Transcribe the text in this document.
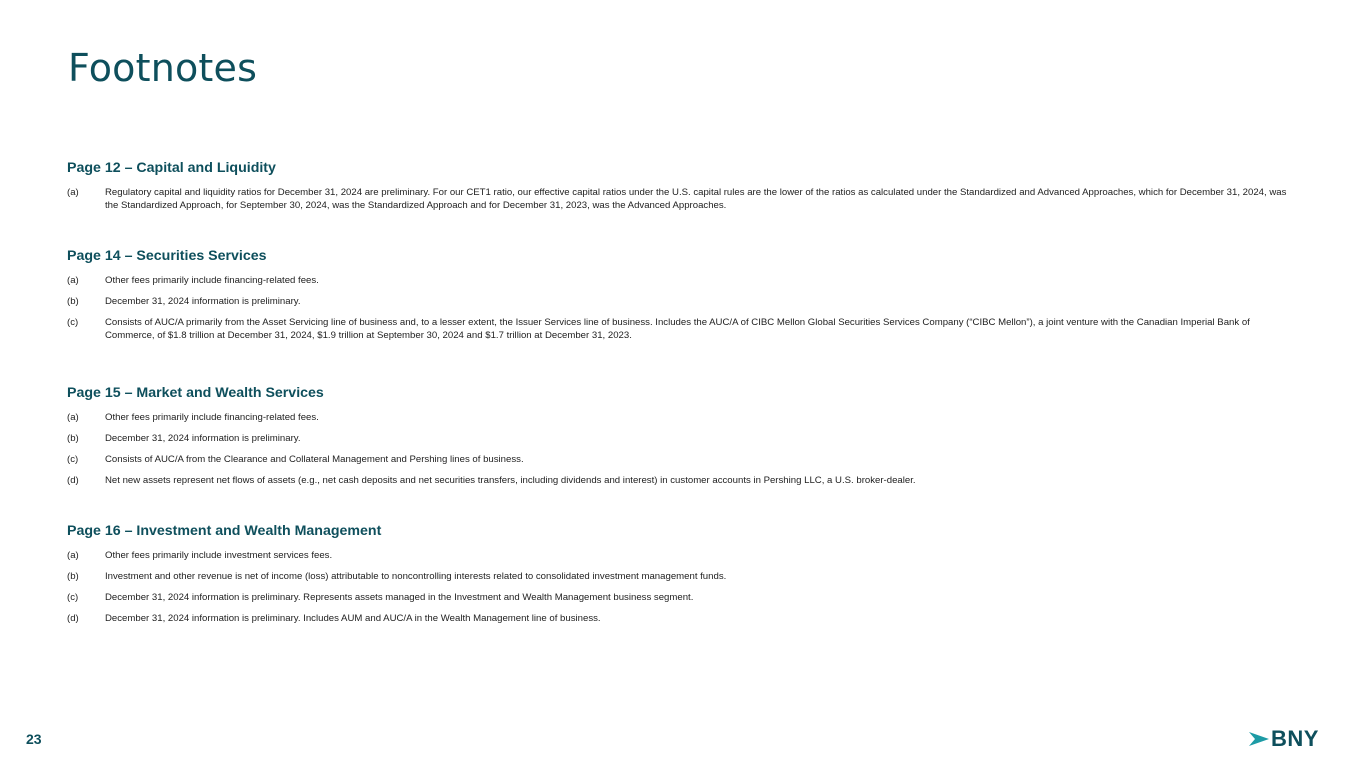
Footnotes
Page 12 – Capital and Liquidity
(a)	Regulatory capital and liquidity ratios for December 31, 2024 are preliminary. For our CET1 ratio, our effective capital ratios under the U.S. capital rules are the lower of the ratios as calculated under the Standardized and Advanced Approaches, which for December 31, 2024, was the Standardized Approach, for September 30, 2024, was the Standardized Approach and for December 31, 2023, was the Advanced Approaches.
Page 14 – Securities Services
(a)	Other fees primarily include financing-related fees.
(b)	December 31, 2024 information is preliminary.
(c)	Consists of AUC/A primarily from the Asset Servicing line of business and, to a lesser extent, the Issuer Services line of business. Includes the AUC/A of CIBC Mellon Global Securities Services Company (“CIBC Mellon”), a joint venture with the Canadian Imperial Bank of Commerce, of $1.8 trillion at December 31, 2024, $1.9 trillion at September 30, 2024 and $1.7 trillion at December 31, 2023.
Page 15 – Market and Wealth Services
(a)	Other fees primarily include financing-related fees.
(b)	December 31, 2024 information is preliminary.
(c)	Consists of AUC/A from the Clearance and Collateral Management and Pershing lines of business.
(d)	Net new assets represent net flows of assets (e.g., net cash deposits and net securities transfers, including dividends and interest) in customer accounts in Pershing LLC, a U.S. broker-dealer.
Page 16 – Investment and Wealth Management
(a)	Other fees primarily include investment services fees.
(b)	Investment and other revenue is net of income (loss) attributable to noncontrolling interests related to consolidated investment management funds.
(c)	December 31, 2024 information is preliminary. Represents assets managed in the Investment and Wealth Management business segment.
(d)	December 31, 2024 information is preliminary. Includes AUM and AUC/A in the Wealth Management line of business.
23	BNY
